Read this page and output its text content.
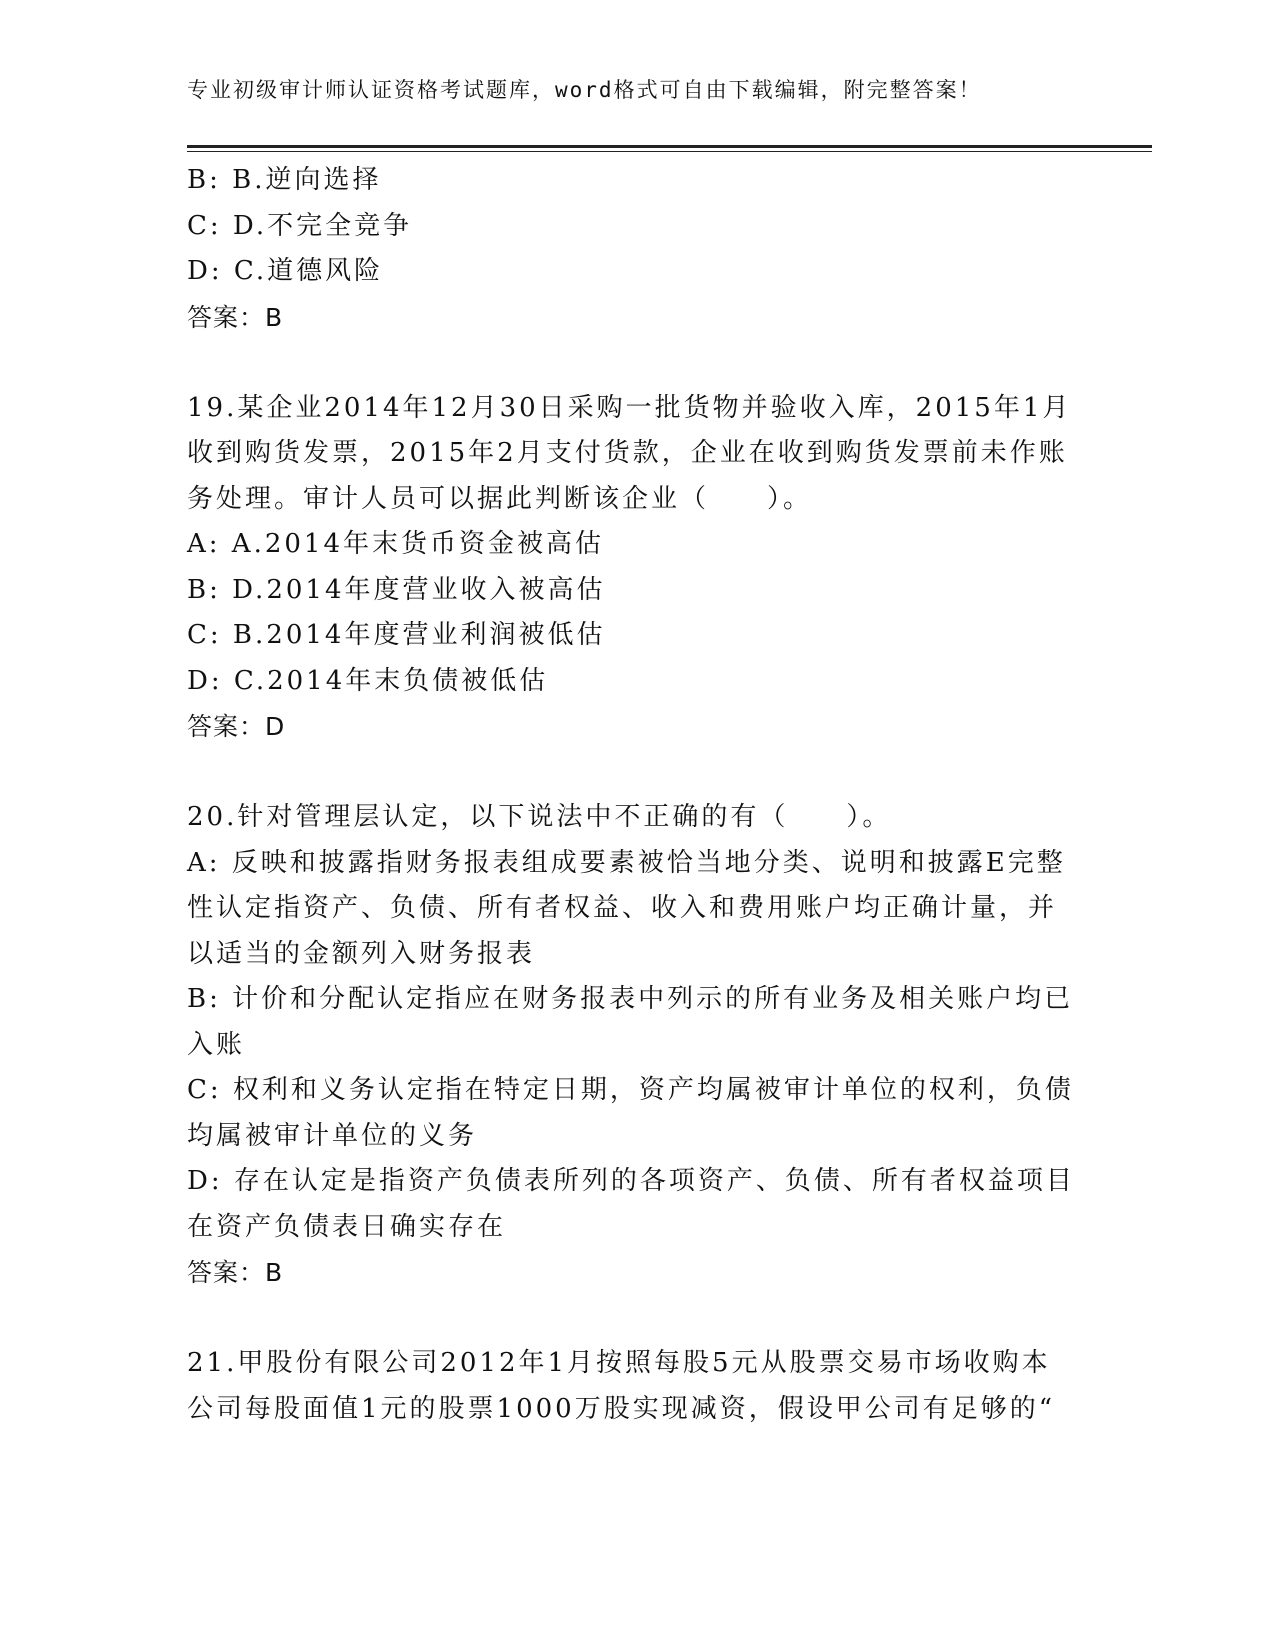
专业初级审计师认证资格考试题库，word格式可自由下载编辑，附完整答案！
B: B.逆向选择
C: D.不完全竞争
D: C.道德风险
答案：B
19.某企业2014年12月30日采购一批货物并验收入库，2015年1月
收到购货发票，2015年2月支付货款，企业在收到购货发票前未作账
务处理。审计人员可以据此判断该企业（　　）。
A: A.2014年末货币资金被高估
B: D.2014年度营业收入被高估
C: B.2014年度营业利润被低估
D: C.2014年末负债被低估
答案：D
20.针对管理层认定，以下说法中不正确的有（　　）。
A: 反映和披露指财务报表组成要素被恰当地分类、说明和披露E完整
性认定指资产、负债、所有者权益、收入和费用账户均正确计量，并
以适当的金额列入财务报表
B: 计价和分配认定指应在财务报表中列示的所有业务及相关账户均已
入账
C: 权利和义务认定指在特定日期，资产均属被审计单位的权利，负债
均属被审计单位的义务
D: 存在认定是指资产负债表所列的各项资产、负债、所有者权益项目
在资产负债表日确实存在
答案：B
21.甲股份有限公司2012年1月按照每股5元从股票交易市场收购本
公司每股面值1元的股票1000万股实现减资，假设甲公司有足够的“
